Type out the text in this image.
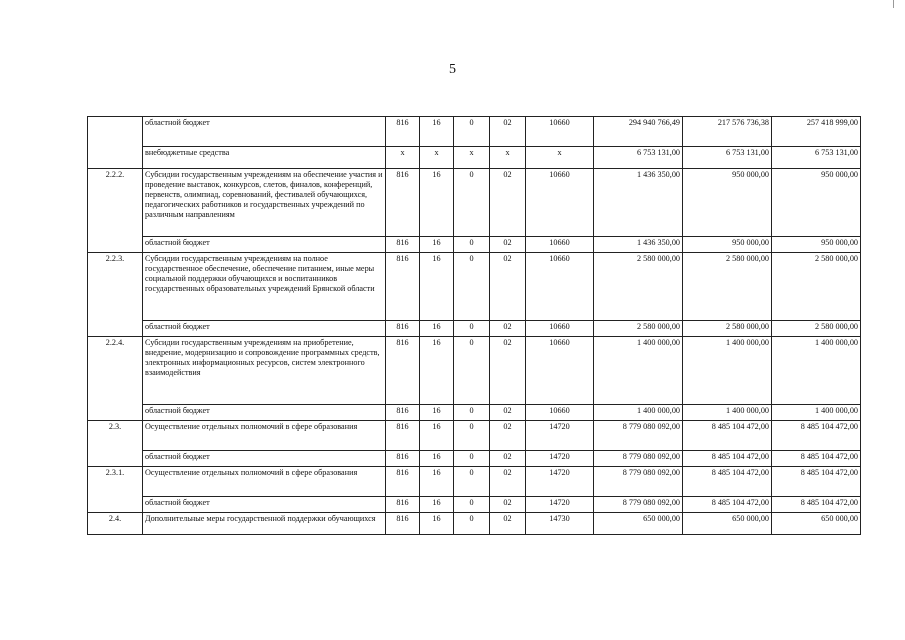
5
	областной бюджет	816	16	0	02	10660	294 940 766,49	217 576 736,38	257 418 999,00
	внебюджетные средства	х	х	х	х	х	6 753 131,00	6 753 131,00	6 753 131,00
2.2.2.	Субсидии государственным учреждениям на обеспечение участия и проведение выставок, конкурсов, слетов, финалов, конференций, первенств, олимпиад, соревнований, фестивалей обучающихся, педагогических работников и государственных учреждений по различным направлениям	816	16	0	02	10660	1 436 350,00	950 000,00	950 000,00
	областной бюджет	816	16	0	02	10660	1 436 350,00	950 000,00	950 000,00
2.2.3.	Субсидии государственным учреждениям на полное государственное обеспечение, обеспечение питанием, иные меры социальной поддержки обучающихся и воспитанников государственных образовательных учреждений Брянской области	816	16	0	02	10660	2 580 000,00	2 580 000,00	2 580 000,00
	областной бюджет	816	16	0	02	10660	2 580 000,00	2 580 000,00	2 580 000,00
2.2.4.	Субсидии государственным учреждениям на приобретение, внедрение, модернизацию и сопровождение программных средств, электронных информационных ресурсов, систем электронного взаимодействия	816	16	0	02	10660	1 400 000,00	1 400 000,00	1 400 000,00
	областной бюджет	816	16	0	02	10660	1 400 000,00	1 400 000,00	1 400 000,00
2.3.	Осуществление отдельных полномочий в сфере образования	816	16	0	02	14720	8 779 080 092,00	8 485 104 472,00	8 485 104 472,00
	областной бюджет	816	16	0	02	14720	8 779 080 092,00	8 485 104 472,00	8 485 104 472,00
2.3.1.	Осуществление отдельных полномочий в сфере образования	816	16	0	02	14720	8 779 080 092,00	8 485 104 472,00	8 485 104 472,00
	областной бюджет	816	16	0	02	14720	8 779 080 092,00	8 485 104 472,00	8 485 104 472,00
2.4.	Дополнительные меры государственной поддержки обучающихся	816	16	0	02	14730	650 000,00	650 000,00	650 000,00
